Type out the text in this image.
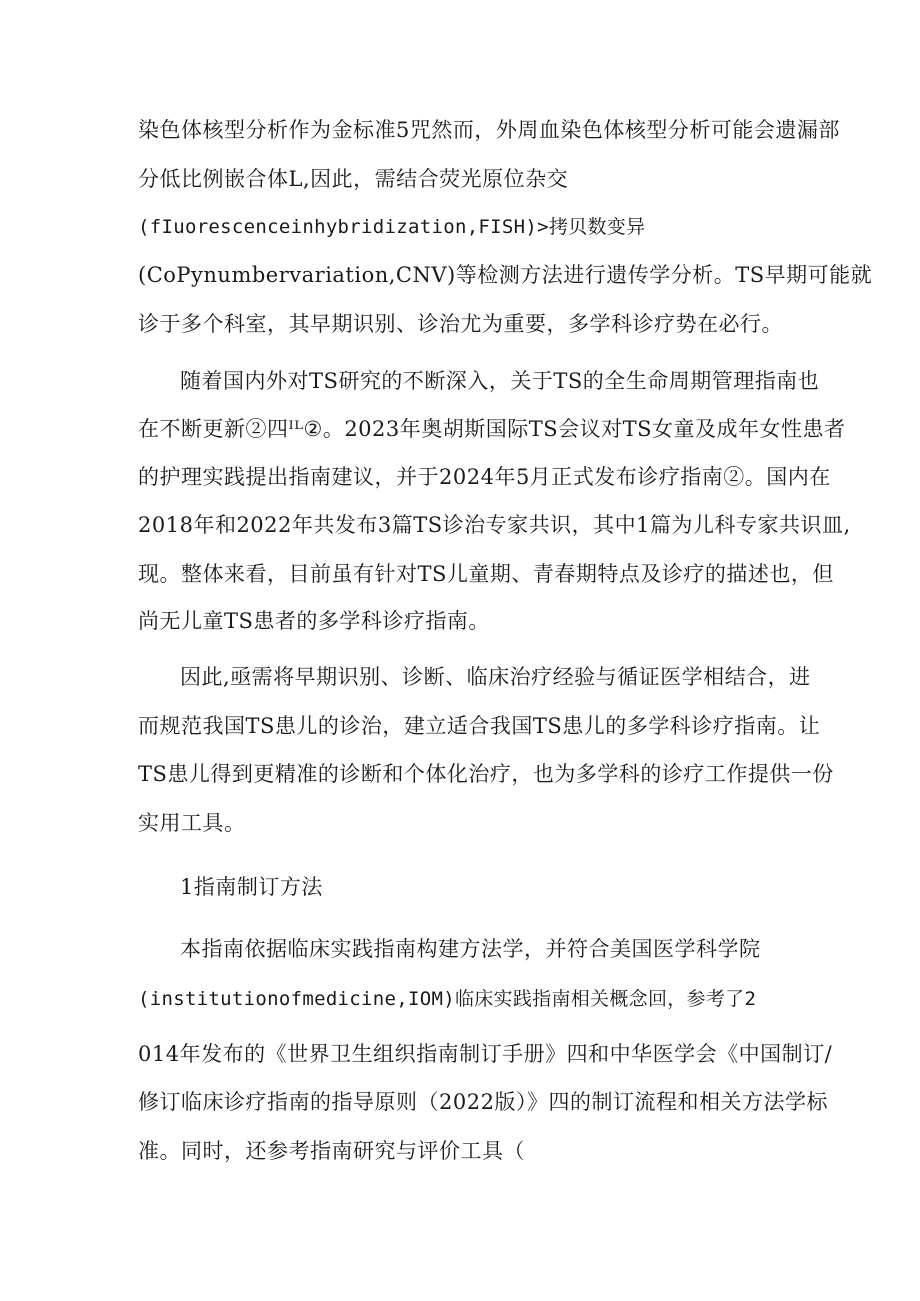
染色体核型分析作为金标准5咒然而，外周血染色体核型分析可能会遗漏部
分低比例嵌合体L,因此，需结合荧光原位杂交
(fIuorescenceinhybridization,FISH)>拷贝数变异
(CoPynumbervariation,CNV)等检测方法进行遗传学分析。TS早期可能就
诊于多个科室，其早期识别、诊治尤为重要，多学科诊疗势在必行。
随着国内外对TS研究的不断深入，关于TS的全生命周期管理指南也
在不断更新②四ᴵᴸ②。2023年奥胡斯国际TS会议对TS女童及成年女性患者
的护理实践提出指南建议，并于2024年5月正式发布诊疗指南②。国内在
2018年和2022年共发布3篇TS诊治专家共识，其中1篇为儿科专家共识皿,
现。整体来看，目前虽有针对TS儿童期、青春期特点及诊疗的描述也，但
尚无儿童TS患者的多学科诊疗指南。
因此,亟需将早期识别、诊断、临床治疗经验与循证医学相结合，进
而规范我国TS患儿的诊治，建立适合我国TS患儿的多学科诊疗指南。让
TS患儿得到更精准的诊断和个体化治疗，也为多学科的诊疗工作提供一份
实用工具。
1指南制订方法
本指南依据临床实践指南构建方法学，并符合美国医学科学院
(institutionofmedicine,IOM)临床实践指南相关概念回，参考了2
014年发布的《世界卫生组织指南制订手册》四和中华医学会《中国制订/
修订临床诊疗指南的指导原则（2022版）》四的制订流程和相关方法学标
准。同时，还参考指南研究与评价工具（
